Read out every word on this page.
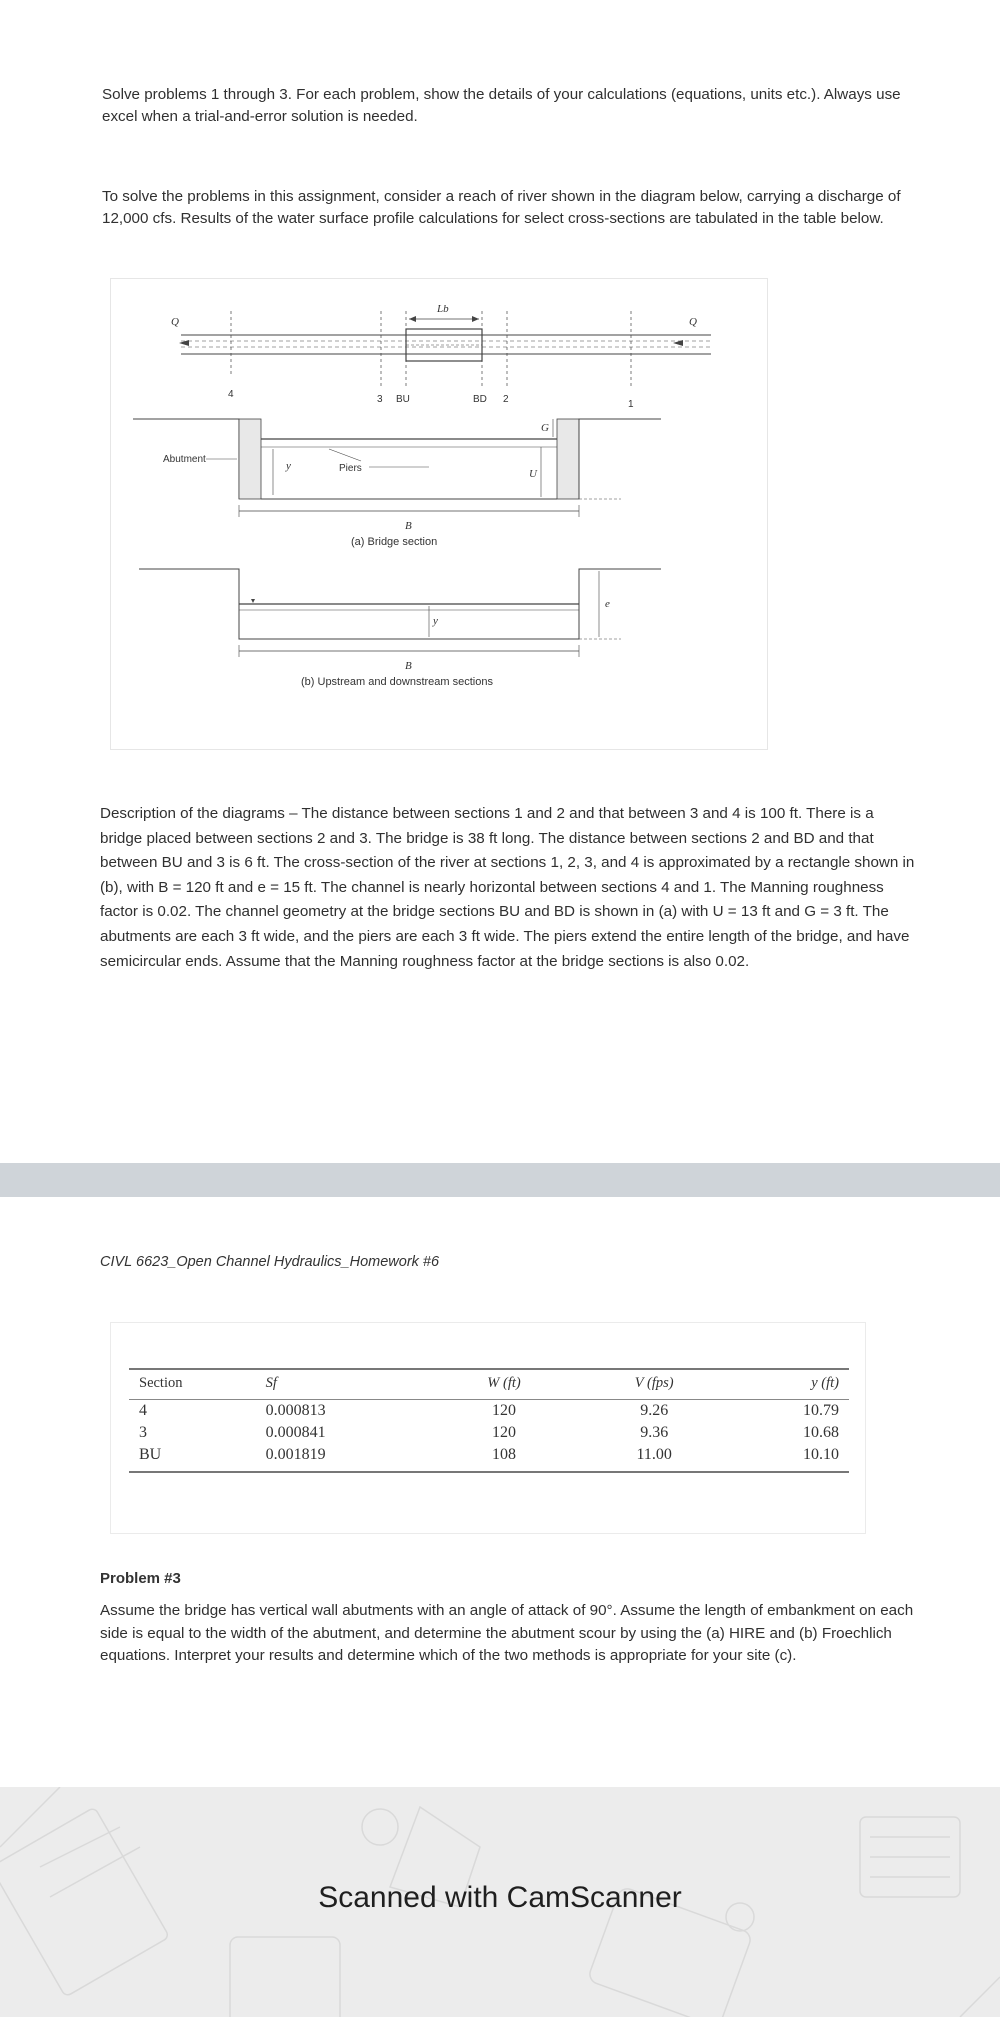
Solve problems 1 through 3. For each problem, show the details of your calculations (equations, units etc.). Always use excel when a trial-and-error solution is needed.

To solve the problems in this assignment, consider a reach of river shown in the diagram below, carrying a discharge of 12,000 cfs. Results of the water surface profile calculations for select cross-sections are tabulated in the table below.

Q	Q
Lb
4	3 BU	BD 2	1
Abutment
y	Piers
G
U
B
(a) Bridge section
y
e
B
(b) Upstream and downstream sections

Description of the diagrams – The distance between sections 1 and 2 and that between 3 and 4 is 100 ft. There is a bridge placed between sections 2 and 3. The bridge is 38 ft long. The distance between sections 2 and BD and that between BU and 3 is 6 ft. The cross-section of the river at sections 1, 2, 3, and 4 is approximated by a rectangle shown in (b), with B = 120 ft and e = 15 ft. The channel is nearly horizontal between sections 4 and 1. The Manning roughness factor is 0.02. The channel geometry at the bridge sections BU and BD is shown in (a) with U = 13 ft and G = 3 ft. The abutments are each 3 ft wide, and the piers are each 3 ft wide. The piers extend the entire length of the bridge, and have semicircular ends. Assume that the Manning roughness factor at the bridge sections is also 0.02.

CIVL 6623_Open Channel Hydraulics_Homework #6

Section	Sf	W (ft)	V (fps)	y (ft)
4	0.000813	120	9.26	10.79
3	0.000841	120	9.36	10.68
BU	0.001819	108	11.00	10.10

Problem #3

Assume the bridge has vertical wall abutments with an angle of attack of 90°. Assume the length of embankment on each side is equal to the width of the abutment, and determine the abutment scour by using the (a) HIRE and (b) Froechlich equations. Interpret your results and determine which of the two methods is appropriate for your site (c).

Scanned with CamScanner
